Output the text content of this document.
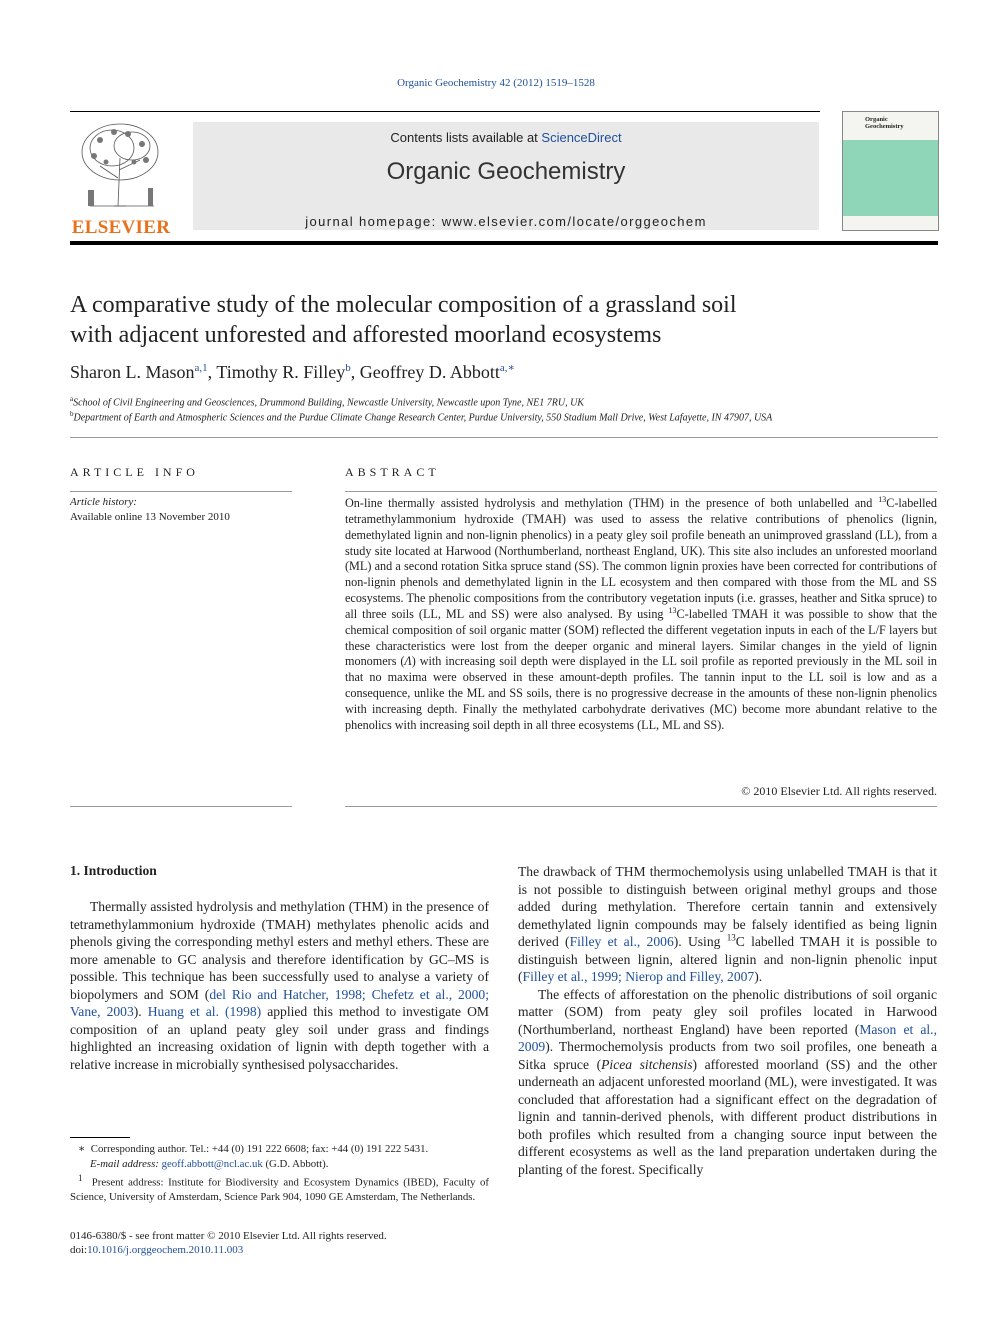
Organic Geochemistry 42 (2012) 1519–1528
ELSEVIER
Contents lists available at ScienceDirect
Organic Geochemistry
journal homepage: www.elsevier.com/locate/orggeochem
Organic
Geochemistry
A comparative study of the molecular composition of a grassland soil
with adjacent unforested and afforested moorland ecosystems
Sharon L. Mason$^{a,1}$, Timothy R. Filley$^b$, Geoffrey D. Abbott$^{a,∗}$
$^a$School of Civil Engineering and Geosciences, Drummond Building, Newcastle University, Newcastle upon Tyne, NE1 7RU, UK
$^b$Department of Earth and Atmospheric Sciences and the Purdue Climate Change Research Center, Purdue University, 550 Stadium Mall Drive, West Lafayette, IN 47907, USA
ARTICLE INFO
Article history:
Available online 13 November 2010
ABSTRACT
On-line thermally assisted hydrolysis and methylation (THM) in the presence of both unlabelled and $^{13}$C-labelled tetramethylammonium hydroxide (TMAH) was used to assess the relative contributions of phenolics (lignin, demethylated lignin and non-lignin phenolics) in a peaty gley soil profile beneath an unimproved grassland (LL), from a study site located at Harwood (Northumberland, northeast England, UK). This site also includes an unforested moorland (ML) and a second rotation Sitka spruce stand (SS). The common lignin proxies have been corrected for contributions of non-lignin phenols and demethylated lignin in the LL ecosystem and then compared with those from the ML and SS ecosystems. The phenolic compositions from the contributory vegetation inputs (i.e. grasses, heather and Sitka spruce) to all three soils (LL, ML and SS) were also analysed. By using $^{13}$C-labelled TMAH it was possible to show that the chemical composition of soil organic matter (SOM) reflected the different vegetation inputs in each of the L/F layers but these characteristics were lost from the deeper organic and mineral layers. Similar changes in the yield of lignin monomers (Λ) with increasing soil depth were displayed in the LL soil profile as reported previously in the ML soil in that no maxima were observed in these amount-depth profiles. The tannin input to the LL soil is low and as a consequence, unlike the ML and SS soils, there is no progressive decrease in the amounts of these non-lignin phenolics with increasing depth. Finally the methylated carbohydrate derivatives (MC) become more abundant relative to the phenolics with increasing soil depth in all three ecosystems (LL, ML and SS).
© 2010 Elsevier Ltd. All rights reserved.
1. Introduction
Thermally assisted hydrolysis and methylation (THM) in the presence of tetramethylammonium hydroxide (TMAH) methylates phenolic acids and phenols giving the corresponding methyl esters and methyl ethers. These are more amenable to GC analysis and therefore identification by GC–MS is possible. This technique has been successfully used to analyse a variety of biopolymers and SOM (del Rio and Hatcher, 1998; Chefetz et al., 2000; Vane, 2003). Huang et al. (1998) applied this method to investigate OM composition of an upland peaty gley soil under grass and findings highlighted an increasing oxidation of lignin with depth together with a relative increase in microbially synthesised polysaccharides.
∗ Corresponding author. Tel.: +44 (0) 191 222 6608; fax: +44 (0) 191 222 5431.
E-mail address: geoff.abbott@ncl.ac.uk (G.D. Abbott).
$^1$ Present address: Institute for Biodiversity and Ecosystem Dynamics (IBED), Faculty of Science, University of Amsterdam, Science Park 904, 1090 GE Amsterdam, The Netherlands.
0146-6380/$ - see front matter © 2010 Elsevier Ltd. All rights reserved.
doi:10.1016/j.orggeochem.2010.11.003
The drawback of THM thermochemolysis using unlabelled TMAH is that it is not possible to distinguish between original methyl groups and those added during methylation. Therefore certain tannin and extensively demethylated lignin compounds may be falsely identified as being lignin derived (Filley et al., 2006). Using $^{13}$C labelled TMAH it is possible to distinguish between lignin, altered lignin and non-lignin phenolic input (Filley et al., 1999; Nierop and Filley, 2007).
The effects of afforestation on the phenolic distributions of soil organic matter (SOM) from peaty gley soil profiles located in Harwood (Northumberland, northeast England) have been reported (Mason et al., 2009). Thermochemolysis products from two soil profiles, one beneath a Sitka spruce (Picea sitchensis) afforested moorland (SS) and the other underneath an adjacent unforested moorland (ML), were investigated. It was concluded that afforestation had a significant effect on the degradation of lignin and tannin-derived phenols, with different product distributions in both profiles which resulted from a changing source input between the different ecosystems as well as the land preparation undertaken during the planting of the forest. Specifically
